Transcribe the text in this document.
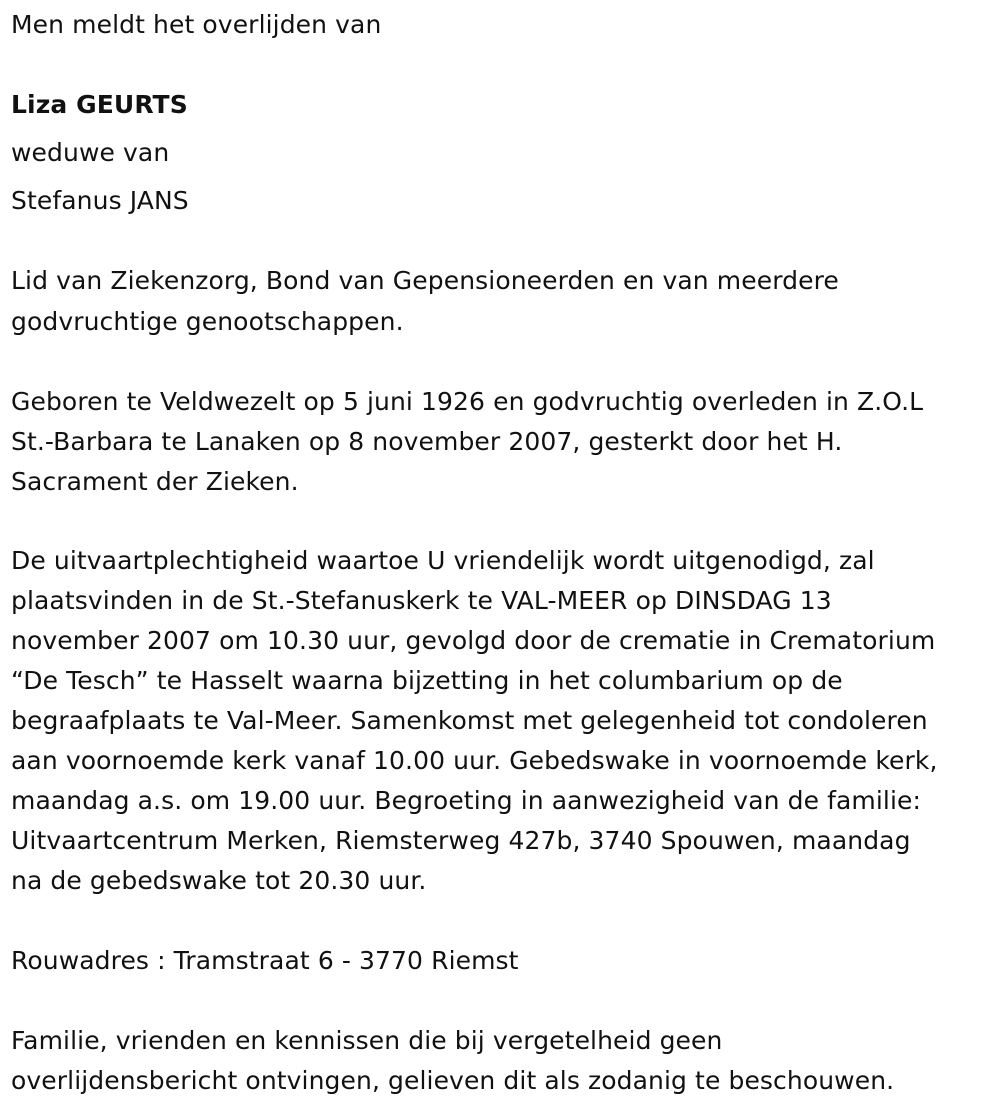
Men meldt het overlijden van
Liza GEURTS
weduwe van
Stefanus JANS
Lid van Ziekenzorg, Bond van Gepensioneerden en van meerdere
godvruchtige genootschappen.
Geboren te Veldwezelt op 5 juni 1926 en godvruchtig overleden in Z.O.L
St.-Barbara te Lanaken op 8 november 2007, gesterkt door het H.
Sacrament der Zieken.
De uitvaartplechtigheid waartoe U vriendelijk wordt uitgenodigd, zal
plaatsvinden in de St.-Stefanuskerk te VAL-MEER op DINSDAG 13
november 2007 om 10.30 uur, gevolgd door de crematie in Crematorium
“De Tesch” te Hasselt waarna bijzetting in het columbarium op de
begraafplaats te Val-Meer. Samenkomst met gelegenheid tot condoleren
aan voornoemde kerk vanaf 10.00 uur. Gebedswake in voornoemde kerk,
maandag a.s. om 19.00 uur. Begroeting in aanwezigheid van de familie:
Uitvaartcentrum Merken, Riemsterweg 427b, 3740 Spouwen, maandag
na de gebedswake tot 20.30 uur.
Rouwadres : Tramstraat 6 - 3770 Riemst
Familie, vrienden en kennissen die bij vergetelheid geen
overlijdensbericht ontvingen, gelieven dit als zodanig te beschouwen.
